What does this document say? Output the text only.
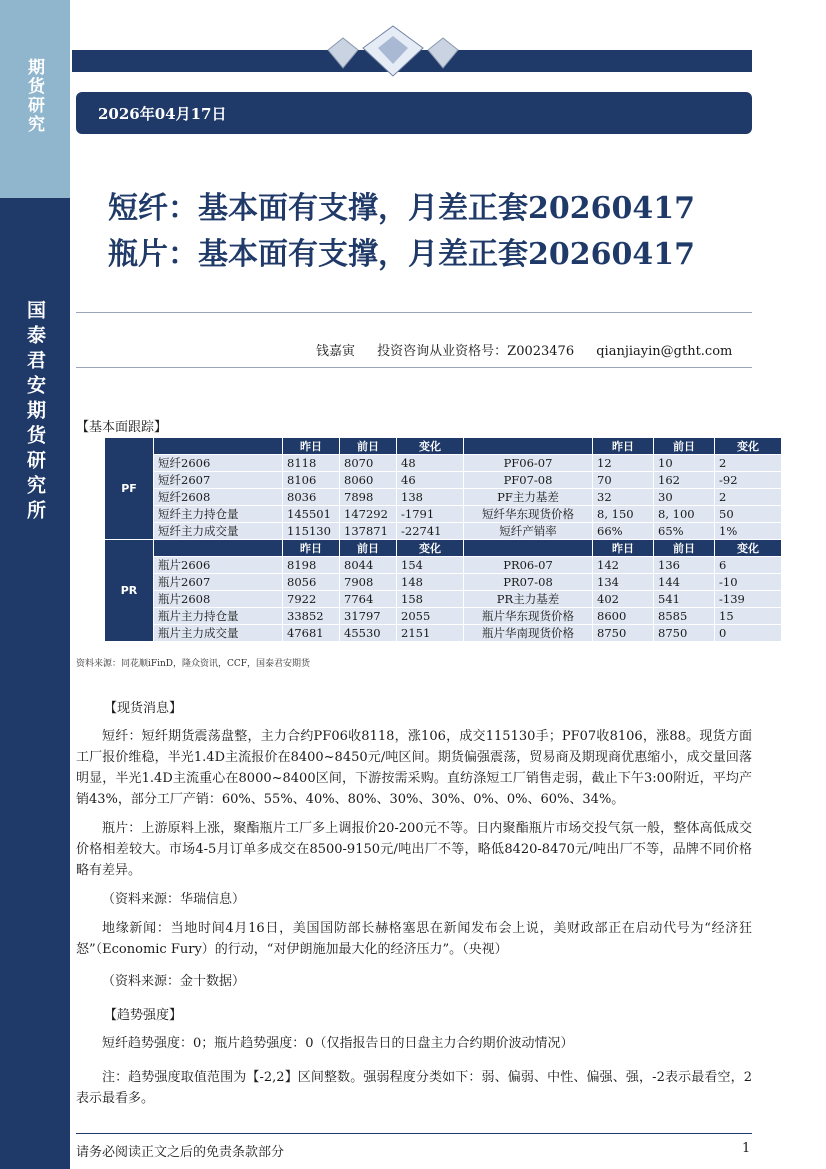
期货研究
国泰君安期货研究所
2026年04月17日
短纤：基本面有支撑，月差正套20260417
瓶片：基本面有支撑，月差正套20260417
钱嘉寅 投资咨询从业资格号：Z0023476 qianjiayin@gtht.com
【基本面跟踪】
PF		昨日	前日	变化		昨日	前日	变化
	短纤2606	8118	8070	48	PF06-07	12	10	2
	短纤2607	8106	8060	46	PF07-08	70	162	-92
	短纤2608	8036	7898	138	PF主力基差	32	30	2
	短纤主力持仓量	145501	147292	-1791	短纤华东现货价格	8, 150	8, 100	50
	短纤主力成交量	115130	137871	-22741	短纤产销率	66%	65%	1%
PR		昨日	前日	变化		昨日	前日	变化
	瓶片2606	8198	8044	154	PR06-07	142	136	6
	瓶片2607	8056	7908	148	PR07-08	134	144	-10
	瓶片2608	7922	7764	158	PR主力基差	402	541	-139
	瓶片主力持仓量	33852	31797	2055	瓶片华东现货价格	8600	8585	15
	瓶片主力成交量	47681	45530	2151	瓶片华南现货价格	8750	8750	0
资料来源：同花顺iFinD，隆众资讯，CCF，国泰君安期货
【现货消息】
短纤：短纤期货震荡盘整，主力合约PF06收8118，涨106，成交115130手；PF07收8106，涨88。现货方面工厂报价维稳，半光1.4D主流报价在8400~8450元/吨区间。期货偏强震荡，贸易商及期现商优惠缩小，成交量回落明显，半光1.4D主流重心在8000~8400区间，下游按需采购。直纺涤短工厂销售走弱，截止下午3:00附近，平均产销43%，部分工厂产销：60%、55%、40%、80%、30%、30%、0%、0%、60%、34%。
瓶片：上游原料上涨，聚酯瓶片工厂多上调报价20-200元不等。日内聚酯瓶片市场交投气氛一般，整体高低成交价格相差较大。市场4-5月订单多成交在8500-9150元/吨出厂不等，略低8420-8470元/吨出厂不等，品牌不同价格略有差异。
（资料来源：华瑞信息）
地缘新闻：当地时间4月16日，美国国防部长赫格塞思在新闻发布会上说，美财政部正在启动代号为“经济狂怒”（Economic Fury）的行动，“对伊朗施加最大化的经济压力”。（央视）
（资料来源：金十数据）
【趋势强度】
短纤趋势强度：0；瓶片趋势强度：0（仅指报告日的日盘主力合约期价波动情况）
注：趋势强度取值范围为【-2,2】区间整数。强弱程度分类如下：弱、偏弱、中性、偏强、强，-2表示最看空，2表示最看多。
请务必阅读正文之后的免责条款部分	1
